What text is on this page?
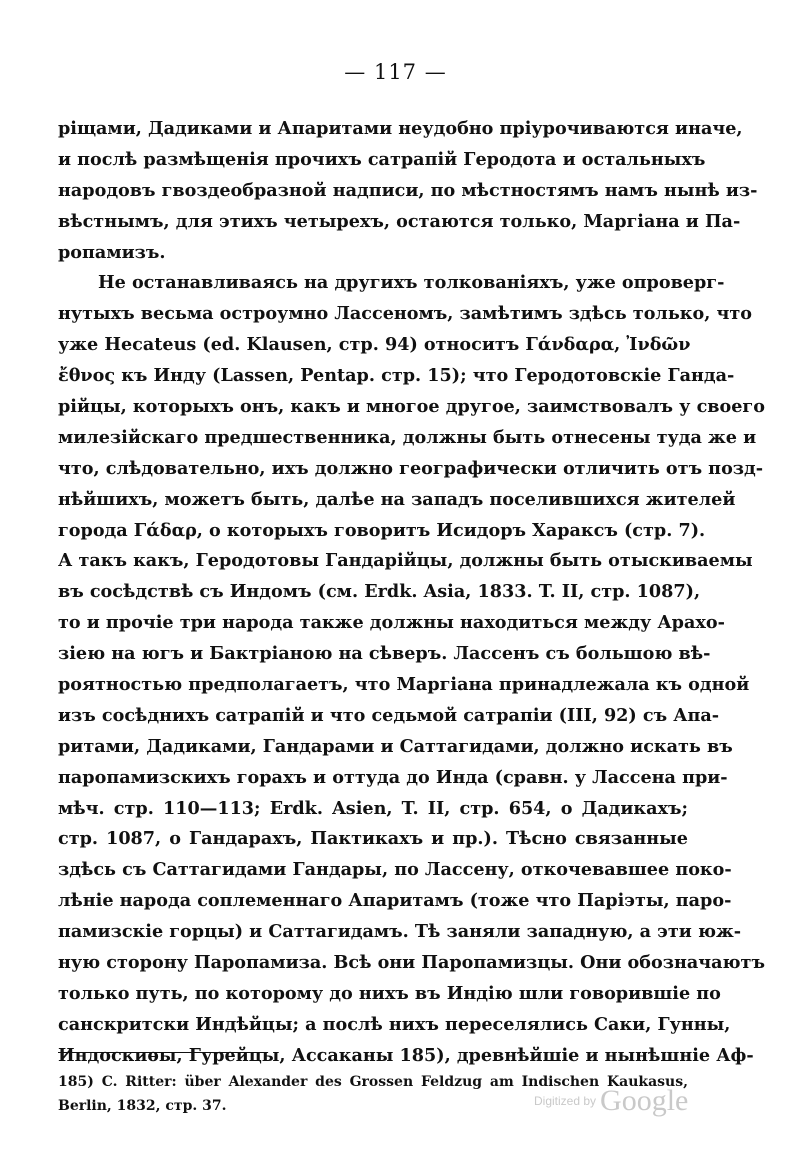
— 117 —
ріщами, Дадиками и Апаритами неудобно пріурочиваются иначе,
и послѣ размѣщенія прочихъ сатрапій Геродота и остальныхъ
народовъ гвоздеобразной надписи, по мѣстностямъ намъ нынѣ из-
вѣстнымъ, для этихъ четырехъ, остаются только, Маргіана и Па-
ропамизъ.
Не останавливаясь на другихъ толкованіяхъ, уже опроверг-
нутыхъ весьма остроумно Лассеномъ, замѣтимъ здѣсь только, что
уже Hecateus (ed. Klausen, стр. 94) относитъ Γάνδαρα, Ἰνδῶν
ἔθνος къ Инду (Lassen, Pentap. стр. 15); что Геродотовскіе Ганда-
рійцы, которыхъ онъ, какъ и многое другое, заимствовалъ у своего
милезійскаго предшественника, должны быть отнесены туда же и
что, слѣдовательно, ихъ должно географически отличить отъ позд-
нѣйшихъ, можетъ быть, далѣе на западъ поселившихся жителей
города Γάδαρ, о которыхъ говоритъ Исидоръ Хараксъ (стр. 7).
А такъ какъ, Геродотовы Гандарійцы, должны быть отыскиваемы
въ сосѣдствѣ съ Индомъ (см. Erdk. Asia, 1833. T. II, стр. 1087),
то и прочіе три народа также должны находиться между Арахо-
зіею на югъ и Бактріаною на сѣверъ. Лассенъ съ большою вѣ-
роятностью предполагаетъ, что Маргіана принадлежала къ одной
изъ сосѣднихъ сатрапій и что седьмой сатрапіи (III, 92) съ Апа-
ритами, Дадиками, Гандарами и Саттагидами, должно искать въ
паропамизскихъ горахъ и оттуда до Инда (сравн. у Лассена при-
мѣч. стр. 110—113; Erdk. Asien, T. II, стр. 654, о Дадикахъ;
стр. 1087, о Гандарахъ, Пактикахъ и пр.). Тѣсно связанные
здѣсь съ Саттагидами Гандары, по Лассену, откочевавшее поко-
лѣніе народа соплеменнаго Апаритамъ (тоже что Паріэты, паро-
памизскіе горцы) и Саттагидамъ. Тѣ заняли западную, а эти юж-
ную сторону Паропамиза. Всѣ они Паропамизцы. Они обозначаютъ
только путь, по которому до нихъ въ Индію шли говорившіе по
санскритски Индѣйцы; а послѣ нихъ переселялись Саки, Гунны,
Индоскиѳы, Гурейцы, Ассаканы 185), древнѣйшіе и нынѣшніе Аф-
185) C. Ritter: über Alexander des Grossen Feldzug am Indischen Kaukasus,
Berlin, 1832, стр. 37.	Digitized by Google
